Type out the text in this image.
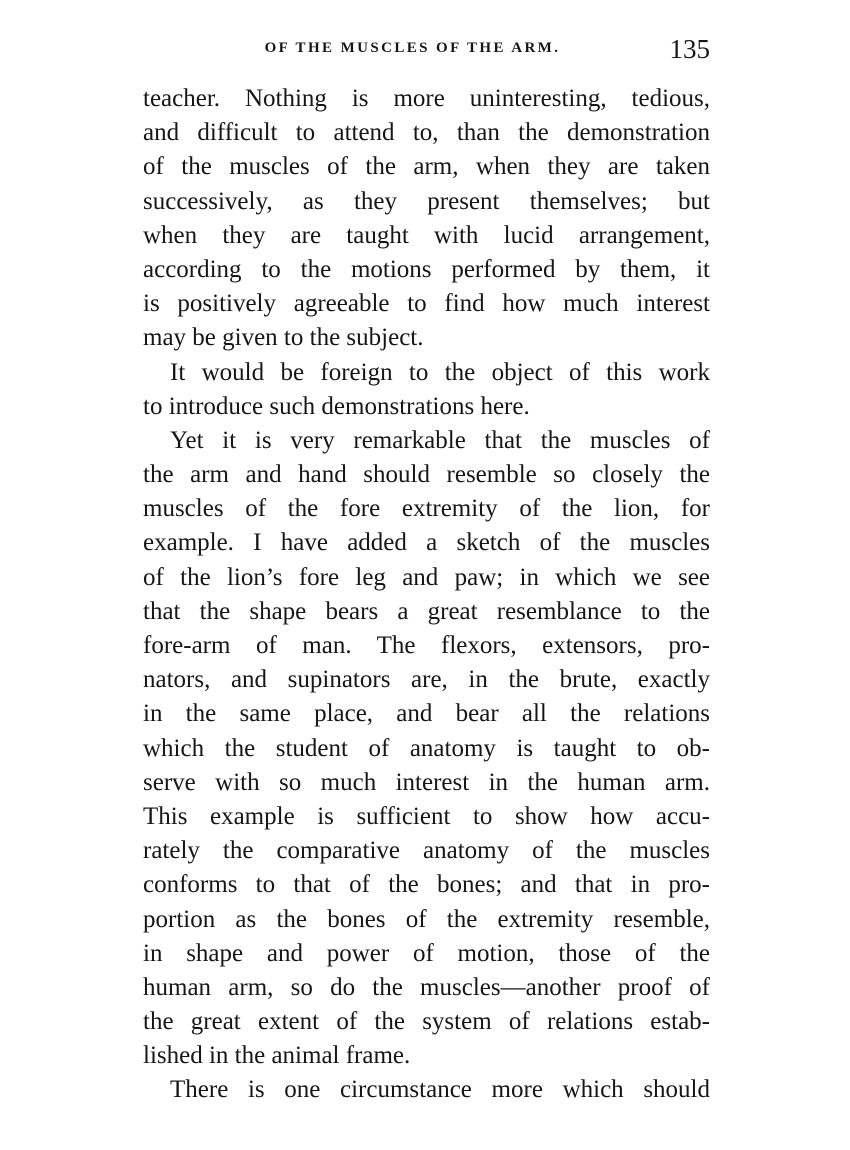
OF THE MUSCLES OF THE ARM.	135
teacher. Nothing is more uninteresting, tedious,
and difficult to attend to, than the demonstration
of the muscles of the arm, when they are taken
successively, as they present themselves; but
when they are taught with lucid arrangement,
according to the motions performed by them, it
is positively agreeable to find how much interest
may be given to the subject.
It would be foreign to the object of this work
to introduce such demonstrations here.
Yet it is very remarkable that the muscles of
the arm and hand should resemble so closely the
muscles of the fore extremity of the lion, for
example. I have added a sketch of the muscles
of the lion’s fore leg and paw; in which we see
that the shape bears a great resemblance to the
fore-arm of man. The flexors, extensors, pro-
nators, and supinators are, in the brute, exactly
in the same place, and bear all the relations
which the student of anatomy is taught to ob-
serve with so much interest in the human arm.
This example is sufficient to show how accu-
rately the comparative anatomy of the muscles
conforms to that of the bones; and that in pro-
portion as the bones of the extremity resemble,
in shape and power of motion, those of the
human arm, so do the muscles—another proof of
the great extent of the system of relations estab-
lished in the animal frame.
There is one circumstance more which should
